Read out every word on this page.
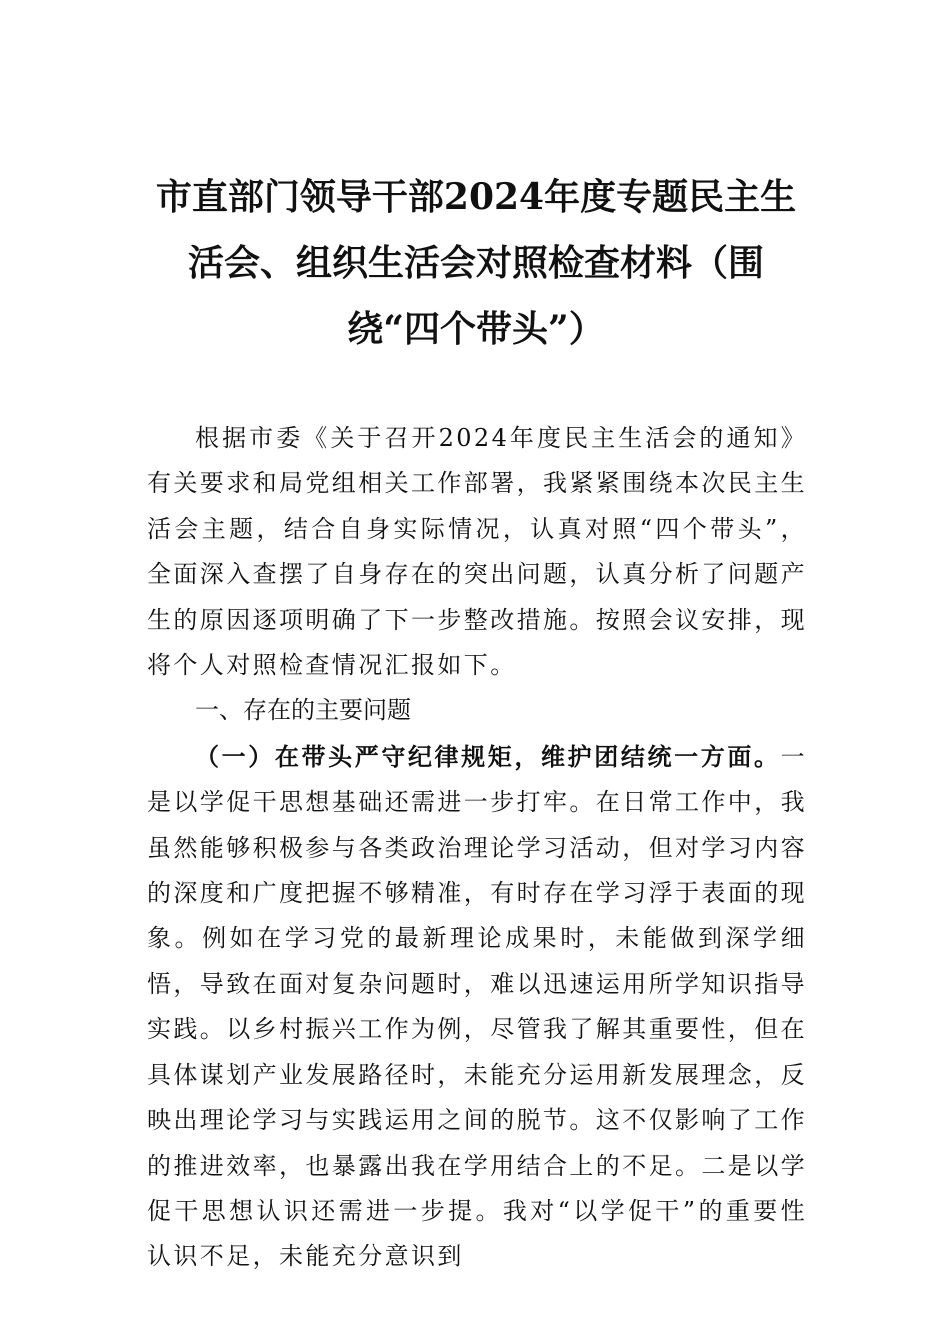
市直部门领导干部2024年度专题民主生活会、组织生活会对照检查材料（围绕“四个带头”）

根据市委《关于召开2024年度民主生活会的通知》有关要求和局党组相关工作部署，我紧紧围绕本次民主生活会主题，结合自身实际情况，认真对照“四个带头”，全面深入查摆了自身存在的突出问题，认真分析了问题产生的原因逐项明确了下一步整改措施。按照会议安排，现将个人对照检查情况汇报如下。

一、存在的主要问题

（一）在带头严守纪律规矩，维护团结统一方面。一是以学促干思想基础还需进一步打牢。在日常工作中，我虽然能够积极参与各类政治理论学习活动，但对学习内容的深度和广度把握不够精准，有时存在学习浮于表面的现象。例如在学习党的最新理论成果时，未能做到深学细悟，导致在面对复杂问题时，难以迅速运用所学知识指导实践。以乡村振兴工作为例，尽管我了解其重要性，但在具体谋划产业发展路径时，未能充分运用新发展理念，反映出理论学习与实践运用之间的脱节。这不仅影响了工作的推进效率，也暴露出我在学用结合上的不足。二是以学促干思想认识还需进一步提。我对“以学促干”的重要性认识不足，未能充分意识到
